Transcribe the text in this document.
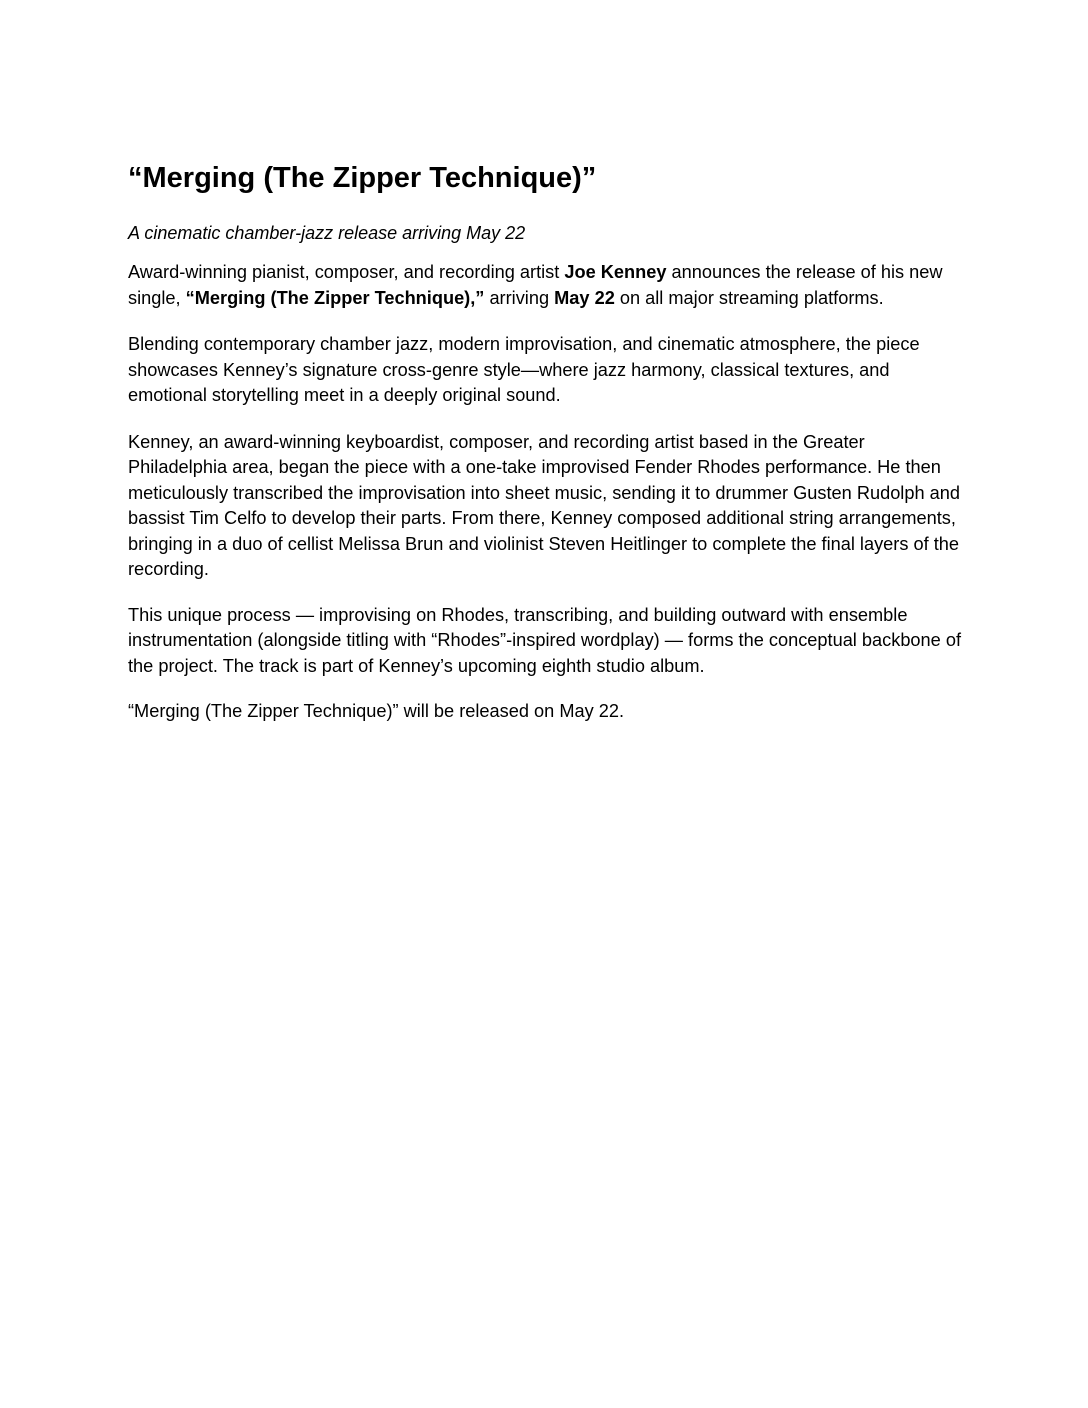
“Merging (The Zipper Technique)”
A cinematic chamber-jazz release arriving May 22

Award-winning pianist, composer, and recording artist Joe Kenney announces the release of his new single, “Merging (The Zipper Technique),” arriving May 22 on all major streaming platforms.

Blending contemporary chamber jazz, modern improvisation, and cinematic atmosphere, the piece showcases Kenney’s signature cross-genre style—where jazz harmony, classical textures, and emotional storytelling meet in a deeply original sound.

Kenney, an award-winning keyboardist, composer, and recording artist based in the Greater Philadelphia area, began the piece with a one-take improvised Fender Rhodes performance. He then meticulously transcribed the improvisation into sheet music, sending it to drummer Gusten Rudolph and bassist Tim Celfo to develop their parts. From there, Kenney composed additional string arrangements, bringing in a duo of cellist Melissa Brun and violinist Steven Heitlinger to complete the final layers of the recording.

This unique process — improvising on Rhodes, transcribing, and building outward with ensemble instrumentation (alongside titling with “Rhodes”-inspired wordplay) — forms the conceptual backbone of the project. The track is part of Kenney’s upcoming eighth studio album.

“Merging (The Zipper Technique)” will be released on May 22.
